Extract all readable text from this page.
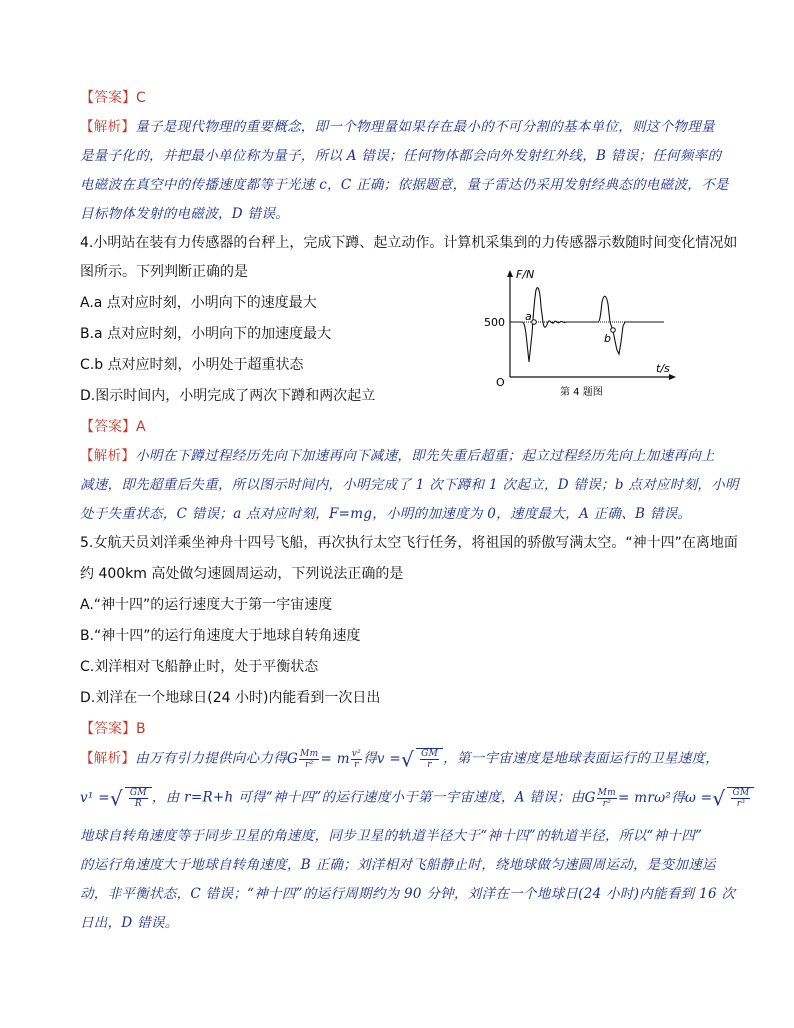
【答案】C
【解析】量子是现代物理的重要概念，即一个物理量如果存在最小的不可分割的基本单位，则这个物理量
是量子化的，并把最小单位称为量子，所以 A 错误；任何物体都会向外发射红外线，B 错误；任何频率的
电磁波在真空中的传播速度都等于光速 c，C 正确；依据题意，量子雷达仍采用发射经典态的电磁波，不是
目标物体发射的电磁波，D 错误。
4.小明站在装有力传感器的台秤上，完成下蹲、起立动作。计算机采集到的力传感器示数随时间变化情况如
图所示。下列判断正确的是
A.a 点对应时刻，小明向下的速度最大
B.a 点对应时刻，小明向下的加速度最大
C.b 点对应时刻，小明处于超重状态
D.图示时间内，小明完成了两次下蹲和两次起立
F/N
t/s
500
O
a
b
第 4 题图
【答案】A
【解析】小明在下蹲过程经历先向下加速再向下减速，即先失重后超重；起立过程经历先向上加速再向上
减速，即先超重后失重，所以图示时间内，小明完成了 1 次下蹲和 1 次起立，D 错误；b 点对应时刻，小明
处于失重状态，C 错误；a 点对应时刻，F=mg，小明的加速度为 0，速度最大，A 正确、B 错误。
5.女航天员刘洋乘坐神舟十四号飞船，再次执行太空飞行任务，将祖国的骄傲写满太空。“神十四”在离地面
约 400km 高处做匀速圆周运动，下列说法正确的是
A.“神十四”的运行速度大于第一宇宙速度
B.“神十四”的运行角速度大于地球自转角速度
C.刘洋相对飞船静止时，处于平衡状态
D.刘洋在一个地球日(24 小时)内能看到一次日出
【答案】B
【解析】由万有引力提供向心力得G $\frac{Mm}{\text{r²}} = m \frac{\text{v²}}{r}$ 得v =√ $\frac{GM}{r}$ ，第一宇宙速度是地球表面运行的卫星速度，
v¹ =√ $\frac{GM}{R}$ ，由 r=R+h 可得“神十四”的运行速度小于第一宇宙速度，A 错误；由G $\frac{Mm}{\text{r²}} = mr\omega^2$得ω =√ $\frac{GM}{\text{r³}}$
地球自转角速度等于同步卫星的角速度，同步卫星的轨道半径大于“神十四”的轨道半径，所以“神十四”
的运行角速度大于地球自转角速度，B 正确；刘洋相对飞船静止时，绕地球做匀速圆周运动，是变加速运
动，非平衡状态，C 错误；“神十四”的运行周期约为 90 分钟，刘洋在一个地球日(24 小时)内能看到 16 次
日出，D 错误。
